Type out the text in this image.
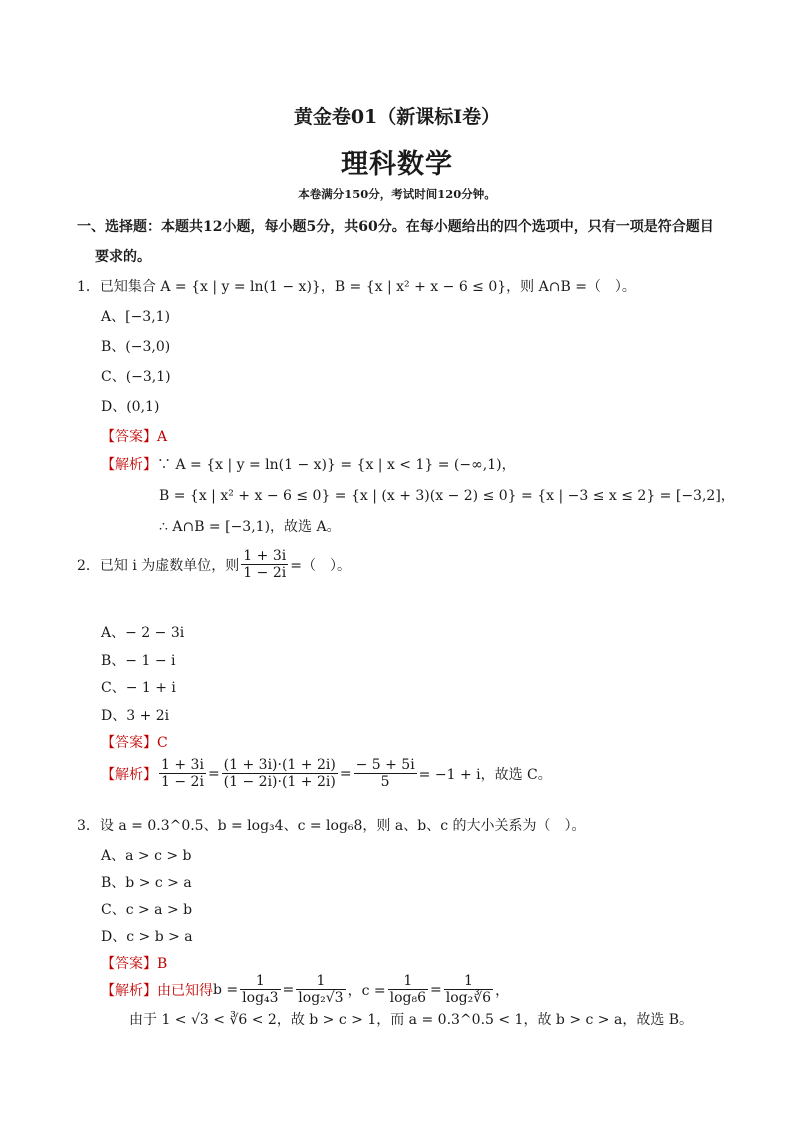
黄金卷01（新课标Ⅰ卷）
理科数学
本卷满分150分，考试时间120分钟。
一、选择题：本题共12小题，每小题5分，共60分。在每小题给出的四个选项中，只有一项是符合题目
要求的。
1．已知集合 A = {x | y = ln(1 − x)}，B = {x | x² + x − 6 ≤ 0}，则 A∩B =（　）。
A、[−3,1)
B、(−3,0)
C、(−3,1)
D、(0,1)
【答案】A
【解析】∵ A = {x | y = ln(1 − x)} = {x | x < 1} = (−∞,1)，
B = {x | x² + x − 6 ≤ 0} = {x | (x + 3)(x − 2) ≤ 0} = {x | −3 ≤ x ≤ 2} = [−3,2]，
∴ A∩B = [−3,1)，故选 A。
2．已知 i 为虚数单位，则 $\frac{1 + 3i}{1 - 2i}$ =（　）。
A、− 2 − 3i
B、− 1 − i
C、− 1 + i
D、3 + 2i
【答案】C
【解析】 $\frac{1 + 3i}{1 - 2i} = \frac{(1 + 3i)\cdot(1 + 2i)}{(1 - 2i)\cdot(1 + 2i)} = \frac{- 5 + 5i}{5} = -1 + i$，故选 C。
3．设 a = 0.3^0.5、b = log₃4、c = log₆8，则 a、b、c 的大小关系为（　）。
A、a > c > b
B、b > c > a
C、c > a > b
D、c > b > a
【答案】B
【解析】 由已知得 $b = \frac{1}{\text{log₄3}} = \frac{1}{\text{log₂√3}}$ ，$c = \frac{1}{\text{log₈6}} = \frac{1}{\text{log₂∛6}}$ ，
由于 1 < √3 < ∛6 < 2，故 b > c > 1，而 a = 0.3^0.5 < 1，故 b > c > a，故选 B。
